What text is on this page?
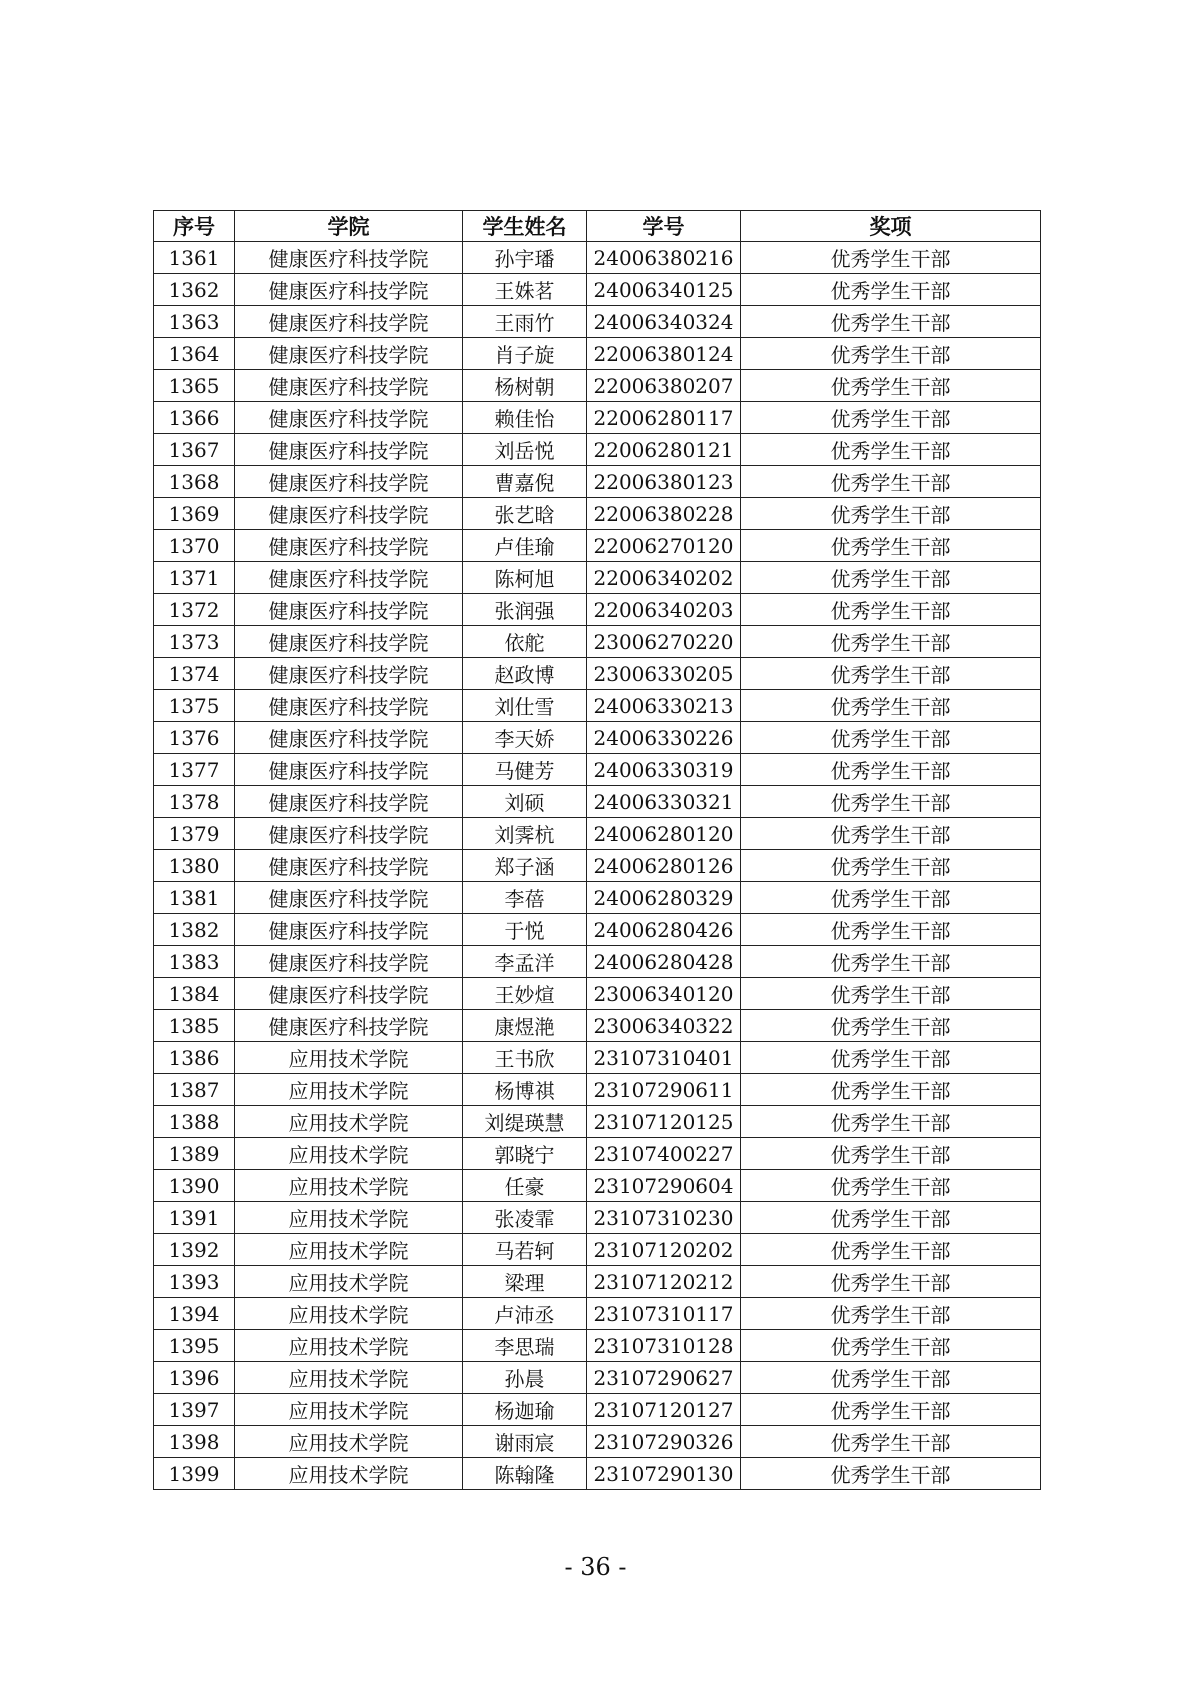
序号	学院	学生姓名	学号	奖项
1361	健康医疗科技学院	孙宇璠	24006380216	优秀学生干部
1362	健康医疗科技学院	王姝茗	24006340125	优秀学生干部
1363	健康医疗科技学院	王雨竹	24006340324	优秀学生干部
1364	健康医疗科技学院	肖子旋	22006380124	优秀学生干部
1365	健康医疗科技学院	杨树朝	22006380207	优秀学生干部
1366	健康医疗科技学院	赖佳怡	22006280117	优秀学生干部
1367	健康医疗科技学院	刘岳悦	22006280121	优秀学生干部
1368	健康医疗科技学院	曹嘉倪	22006380123	优秀学生干部
1369	健康医疗科技学院	张艺晗	22006380228	优秀学生干部
1370	健康医疗科技学院	卢佳瑜	22006270120	优秀学生干部
1371	健康医疗科技学院	陈柯旭	22006340202	优秀学生干部
1372	健康医疗科技学院	张润强	22006340203	优秀学生干部
1373	健康医疗科技学院	依舵	23006270220	优秀学生干部
1374	健康医疗科技学院	赵政博	23006330205	优秀学生干部
1375	健康医疗科技学院	刘仕雪	24006330213	优秀学生干部
1376	健康医疗科技学院	李天娇	24006330226	优秀学生干部
1377	健康医疗科技学院	马健芳	24006330319	优秀学生干部
1378	健康医疗科技学院	刘硕	24006330321	优秀学生干部
1379	健康医疗科技学院	刘霁杭	24006280120	优秀学生干部
1380	健康医疗科技学院	郑子涵	24006280126	优秀学生干部
1381	健康医疗科技学院	李蓓	24006280329	优秀学生干部
1382	健康医疗科技学院	于悦	24006280426	优秀学生干部
1383	健康医疗科技学院	李孟洋	24006280428	优秀学生干部
1384	健康医疗科技学院	王妙煊	23006340120	优秀学生干部
1385	健康医疗科技学院	康煜滟	23006340322	优秀学生干部
1386	应用技术学院	王书欣	23107310401	优秀学生干部
1387	应用技术学院	杨博祺	23107290611	优秀学生干部
1388	应用技术学院	刘缇瑛慧	23107120125	优秀学生干部
1389	应用技术学院	郭晓宁	23107400227	优秀学生干部
1390	应用技术学院	任豪	23107290604	优秀学生干部
1391	应用技术学院	张凌霏	23107310230	优秀学生干部
1392	应用技术学院	马若轲	23107120202	优秀学生干部
1393	应用技术学院	梁理	23107120212	优秀学生干部
1394	应用技术学院	卢沛丞	23107310117	优秀学生干部
1395	应用技术学院	李思瑞	23107310128	优秀学生干部
1396	应用技术学院	孙晨	23107290627	优秀学生干部
1397	应用技术学院	杨迦瑜	23107120127	优秀学生干部
1398	应用技术学院	谢雨宸	23107290326	优秀学生干部
1399	应用技术学院	陈翰隆	23107290130	优秀学生干部
- 36 -
